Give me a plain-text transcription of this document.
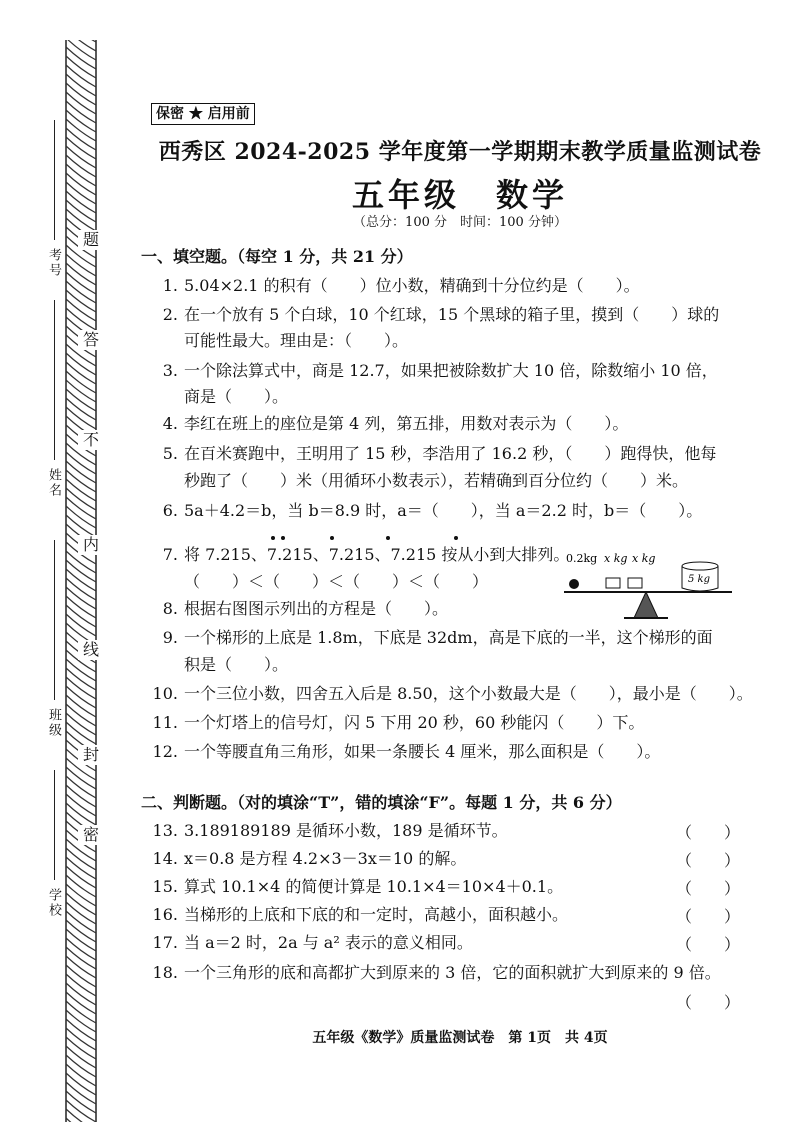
考号
姓名
班级
学校
题
答
不
内
线
封
密
保密 ★ 启用前
西秀区 2024-2025 学年度第一学期期末教学质量监测试卷
五年级　数学
（总分：100 分　时间：100 分钟）
一、填空题。（每空 1 分，共 21 分）
1. 5.04×2.1 的积有（　　）位小数，精确到十分位约是（　　）。
2. 在一个放有 5 个白球，10 个红球，15 个黑球的箱子里，摸到（　　）球的
可能性最大。理由是：（　　）。
3. 一个除法算式中，商是 12.7，如果把被除数扩大 10 倍，除数缩小 10 倍，
商是（　　）。
4. 李红在班上的座位是第 4 列，第五排，用数对表示为（　　）。
5. 在百米赛跑中，王明用了 15 秒，李浩用了 16.2 秒，（　　）跑得快，他每
秒跑了（　　）米（用循环小数表示），若精确到百分位约（　　）米。
6. 5a＋4.2＝b，当 b＝8.9 时，a＝（　　），当 a＝2.2 时，b＝（　　）。
7. 将 7.215、7.215、7.215、7.215 按从小到大排列。
（　　）＜（　　）＜（　　）＜（　　）
0.2kg x kg x kg
5 kg
8. 根据右图图示列出的方程是（　　）。
9. 一个梯形的上底是 1.8m，下底是 32dm，高是下底的一半，这个梯形的面
积是（　　）。
10. 一个三位小数，四舍五入后是 8.50，这个小数最大是（　　），最小是（　　）。
11. 一个灯塔上的信号灯，闪 5 下用 20 秒，60 秒能闪（　　）下。
12. 一个等腰直角三角形，如果一条腰长 4 厘米，那么面积是（　　）。
二、判断题。（对的填涂“T”，错的填涂“F”。每题 1 分，共 6 分）
13. 3.189189189 是循环小数，189 是循环节。	（　　）
14. x＝0.8 是方程 4.2×3－3x＝10 的解。	（　　）
15. 算式 10.1×4 的简便计算是 10.1×4＝10×4＋0.1。	（　　）
16. 当梯形的上底和下底的和一定时，高越小，面积越小。	（　　）
17. 当 a＝2 时，2a 与 a² 表示的意义相同。	（　　）
18. 一个三角形的底和高都扩大到原来的 3 倍，它的面积就扩大到原来的 9 倍。
（　　）
五年级《数学》质量监测试卷　第 1页　共 4页
